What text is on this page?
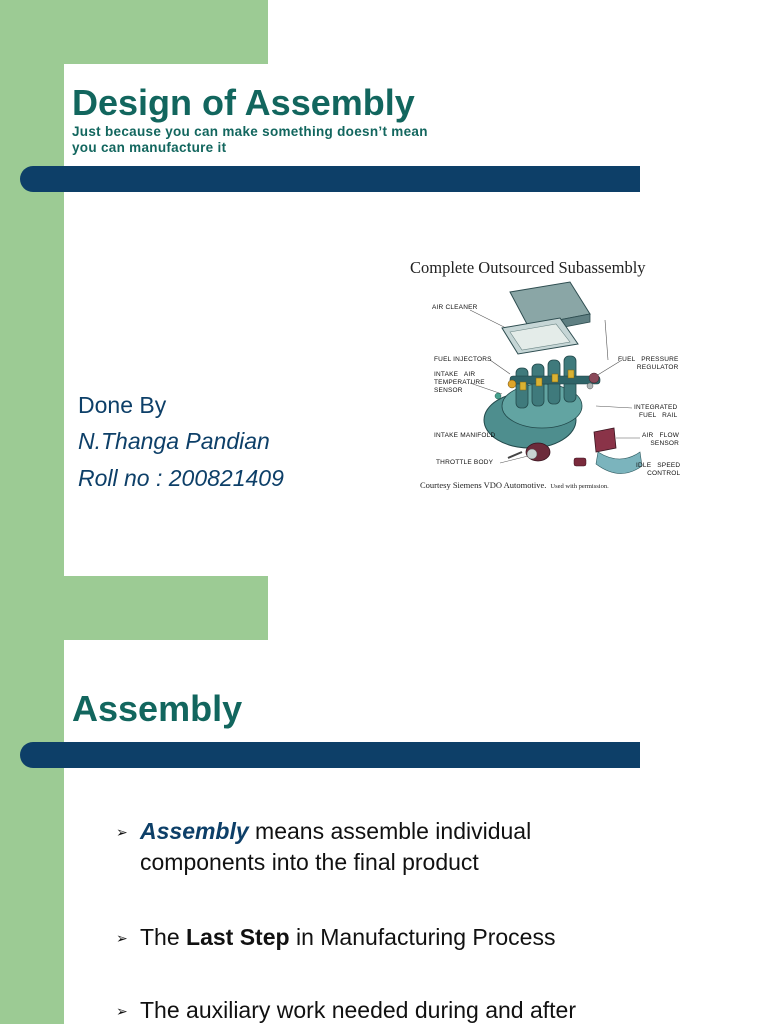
Design of Assembly
Just because you can make something doesn’t mean you can manufacture it
Done By
N.Thanga Pandian
Roll no : 200821409
Complete Outsourced Subassembly
AIR CLEANER
FUEL INJECTORS
INTAKE   AIR
TEMPERATURE
SENSOR
INTAKE MANIFOLD
THROTTLE BODY
FUEL   PRESSURE
REGULATOR
INTEGRATED
FUEL   RAIL
AIR   FLOW
SENSOR
IDLE   SPEED
CONTROL
Courtesy Siemens VDO Automotive. Used with permission.
Assembly
➢ Assembly means assemble individual
components into the final product
➢ The Last Step in Manufacturing Process
➢ The auxiliary work needed during and after
